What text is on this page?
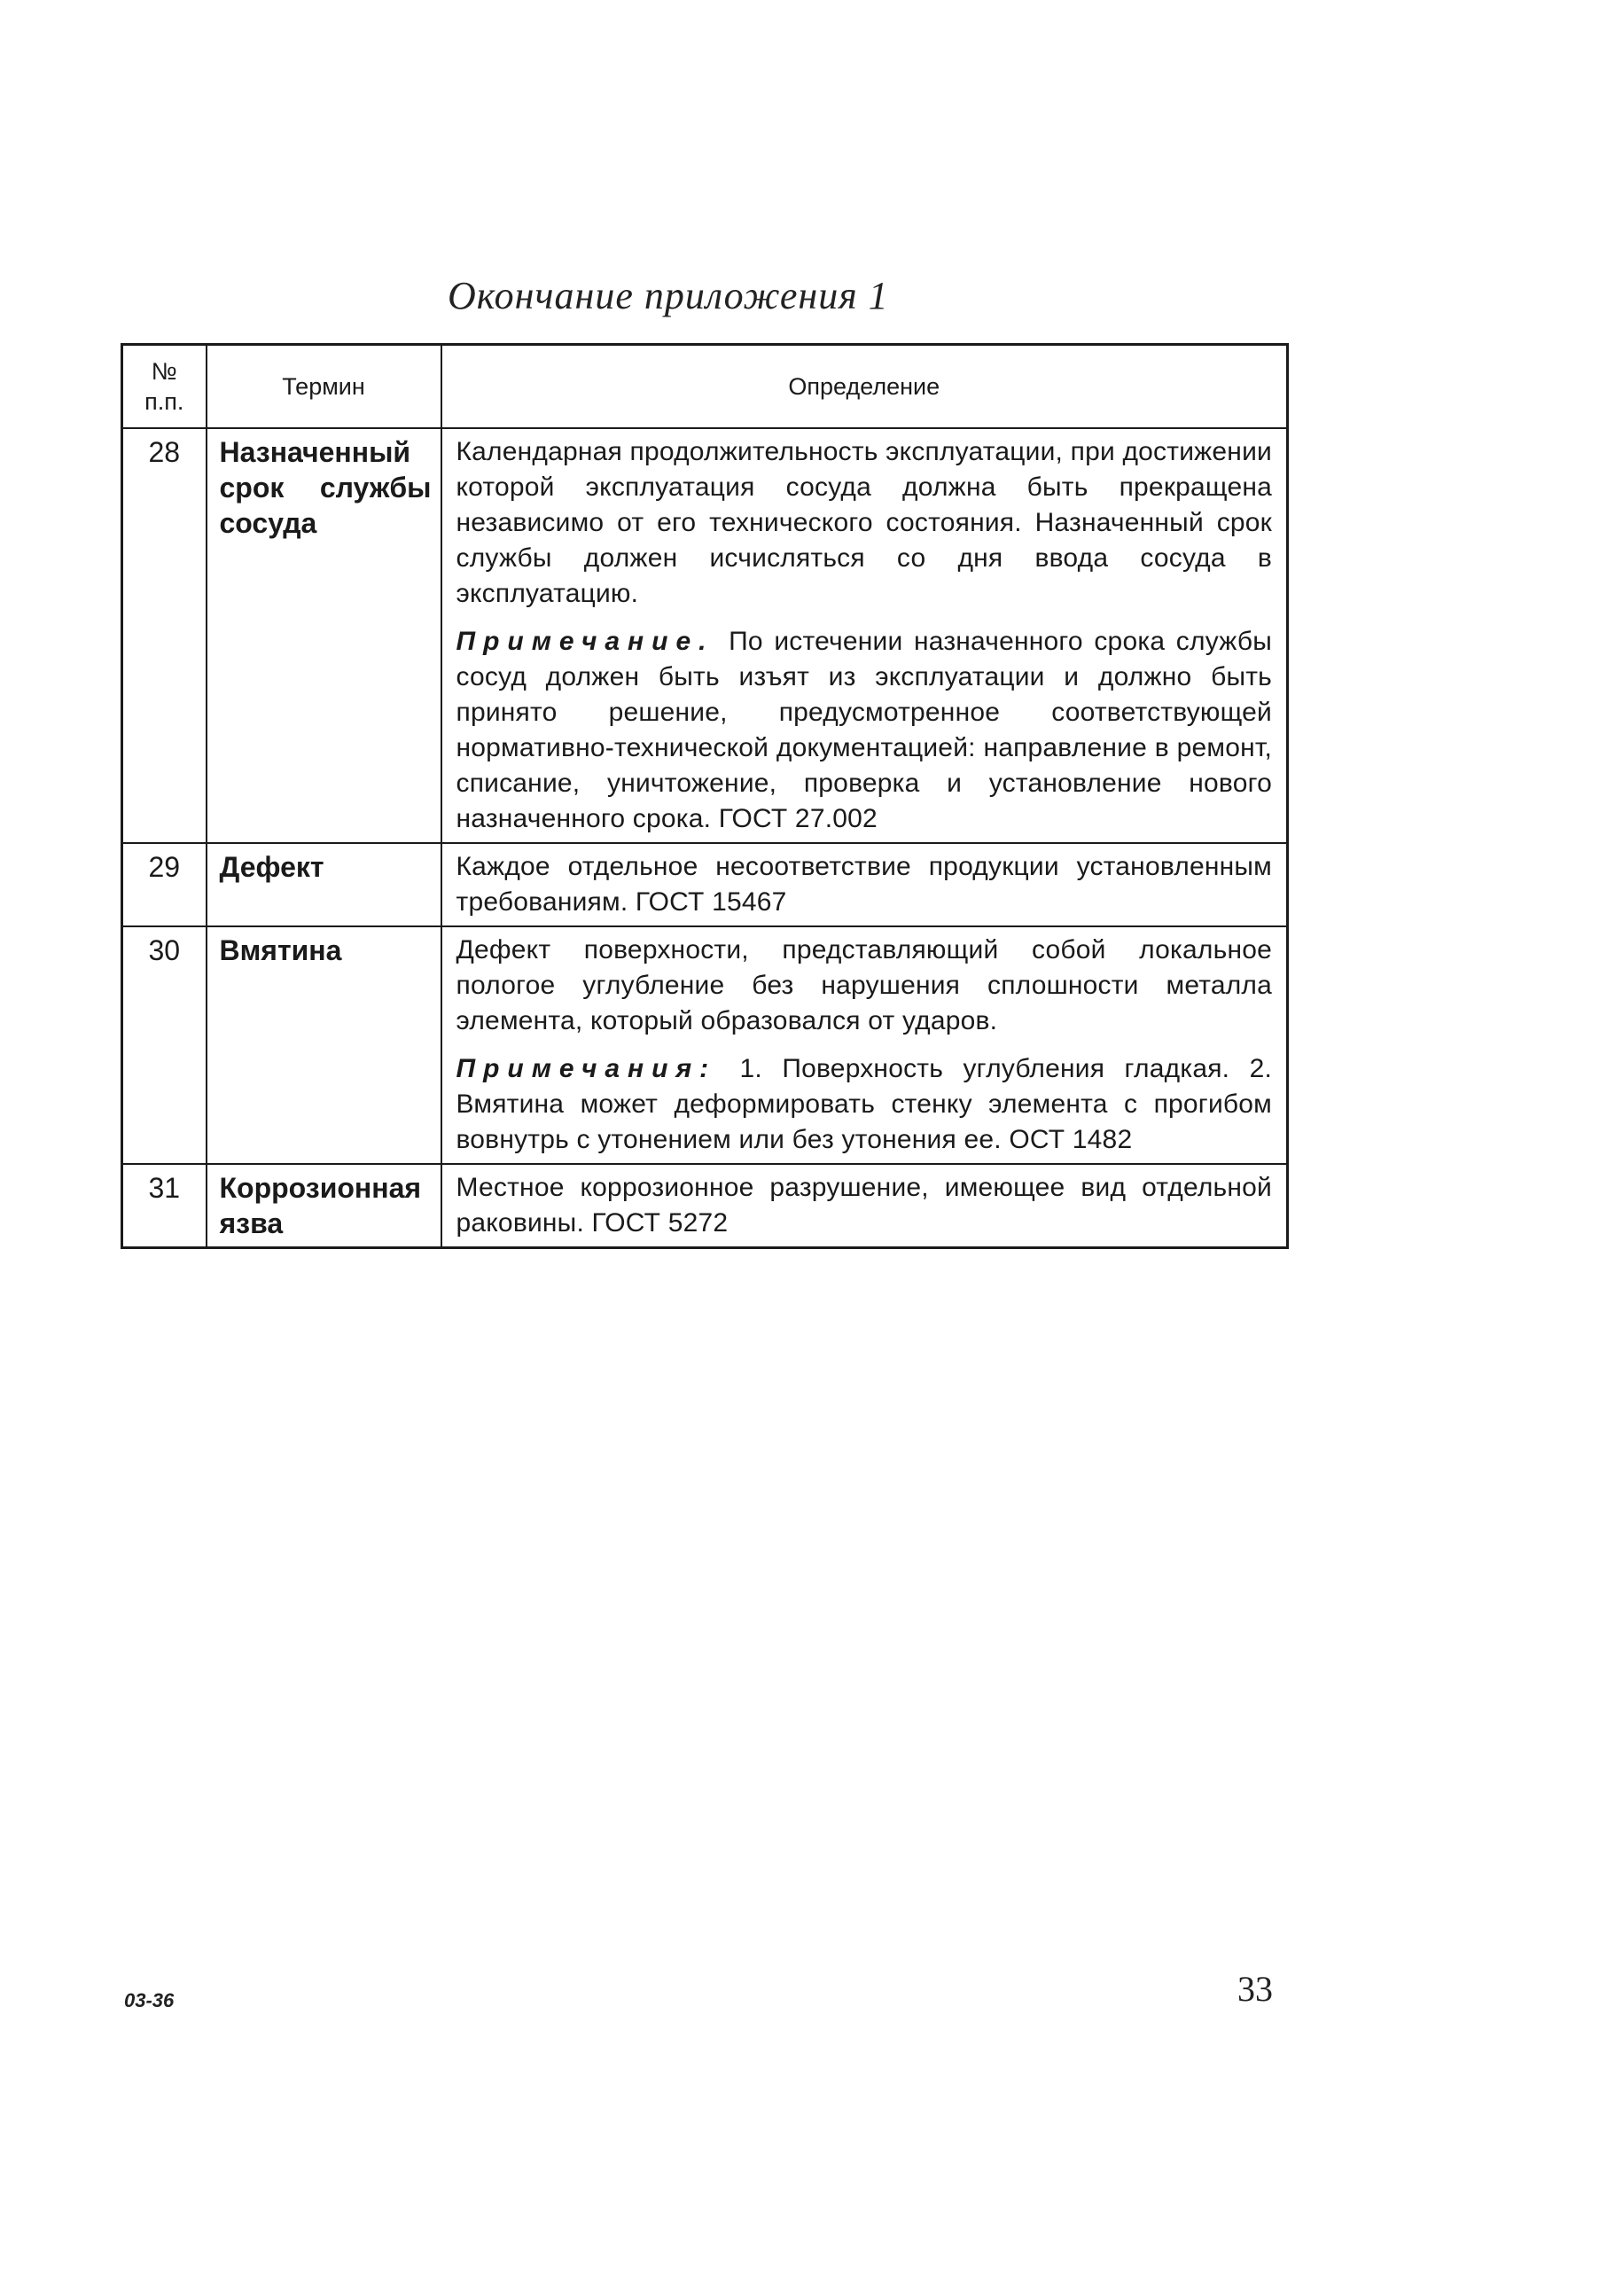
Окончание приложения 1
№
п.п.	Термин	Определение
28	Назначенный срок службы сосуда	Календарная продолжительность эксплуатации, при достижении которой эксплуатация сосуда должна быть прекращена независимо от его технического состояния. Назначенный срок службы должен исчисляться со дня ввода сосуда в эксплуатацию.

Примечание. По истечении назначенного срока службы сосуд должен быть изъят из эксплуатации и должно быть принято решение, предусмотренное соответствующей нормативно-технической документацией: направление в ремонт, списание, уничтожение, проверка и установление нового назначенного срока. ГОСТ 27.002

29	Дефект	Каждое отдельное несоответствие продукции установленным требованиям. ГОСТ 15467

30	Вмятина	Дефект поверхности, представляющий собой локальное пологое углубление без нарушения сплошности металла элемента, который образовался от ударов.

Примечания: 1. Поверхность углубления гладкая. 2. Вмятина может деформировать стенку элемента с прогибом вовнутрь с утонением или без утонения ее. ОСТ 1482

31	Коррозионная язва	Местное коррозионное разрушение, имеющее вид отдельной раковины. ГОСТ 5272

03-36	33
